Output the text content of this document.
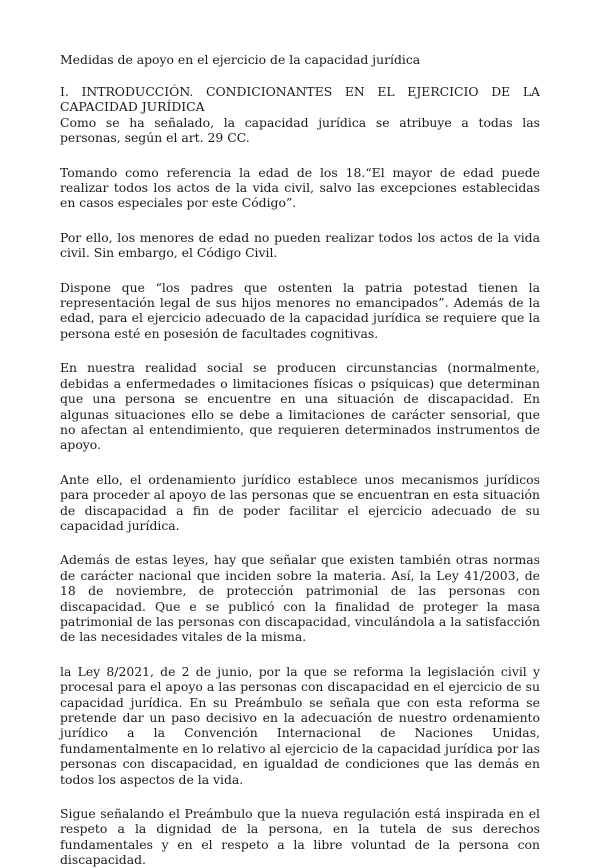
Medidas de apoyo en el ejercicio de la capacidad jurídica

I. INTRODUCCIÓN. CONDICIONANTES EN EL EJERCICIO DE LA CAPACIDAD JURÍDICA

Como se ha señalado, la capacidad jurídica se atribuye a todas las personas, según el art. 29 CC.

Tomando como referencia la edad de los 18.“El mayor de edad puede realizar todos los actos de la vida civil, salvo las excepciones establecidas en casos especiales por este Código”.

Por ello, los menores de edad no pueden realizar todos los actos de la vida civil. Sin embargo, el Código Civil.

Dispone que “los padres que ostenten la patria potestad tienen la representación legal de sus hijos menores no emancipados”. Además de la edad, para el ejercicio adecuado de la capacidad jurídica se requiere que la persona esté en posesión de facultades cognitivas.

En nuestra realidad social se producen circunstancias (normalmente, debidas a enfermedades o limitaciones físicas o psíquicas) que determinan que una persona se encuentre en una situación de discapacidad. En algunas situaciones ello se debe a limitaciones de carácter sensorial, que no afectan al entendimiento, que requieren determinados instrumentos de apoyo.

Ante ello, el ordenamiento jurídico establece unos mecanismos jurídicos para proceder al apoyo de las personas que se encuentran en esta situación de discapacidad a fin de poder facilitar el ejercicio adecuado de su capacidad jurídica.

Además de estas leyes, hay que señalar que existen también otras normas de carácter nacional que inciden sobre la materia. Así, la Ley 41/2003, de 18 de noviembre, de protección patrimonial de las personas con discapacidad. Que e se publicó con la finalidad de proteger la masa patrimonial de las personas con discapacidad, vinculándola a la satisfacción de las necesidades vitales de la misma.

la Ley 8/2021, de 2 de junio, por la que se reforma la legislación civil y procesal para el apoyo a las personas con discapacidad en el ejercicio de su capacidad jurídica. En su Preámbulo se señala que con esta reforma se pretende dar un paso decisivo en la adecuación de nuestro ordenamiento jurídico a la Convención Internacional de Naciones Unidas, fundamentalmente en lo relativo al ejercicio de la capacidad jurídica por las personas con discapacidad, en igualdad de condiciones que las demás en todos los aspectos de la vida.

Sigue señalando el Preámbulo que la nueva regulación está inspirada en el respeto a la dignidad de la persona, en la tutela de sus derechos fundamentales y en el respeto a la libre voluntad de la persona con discapacidad.
